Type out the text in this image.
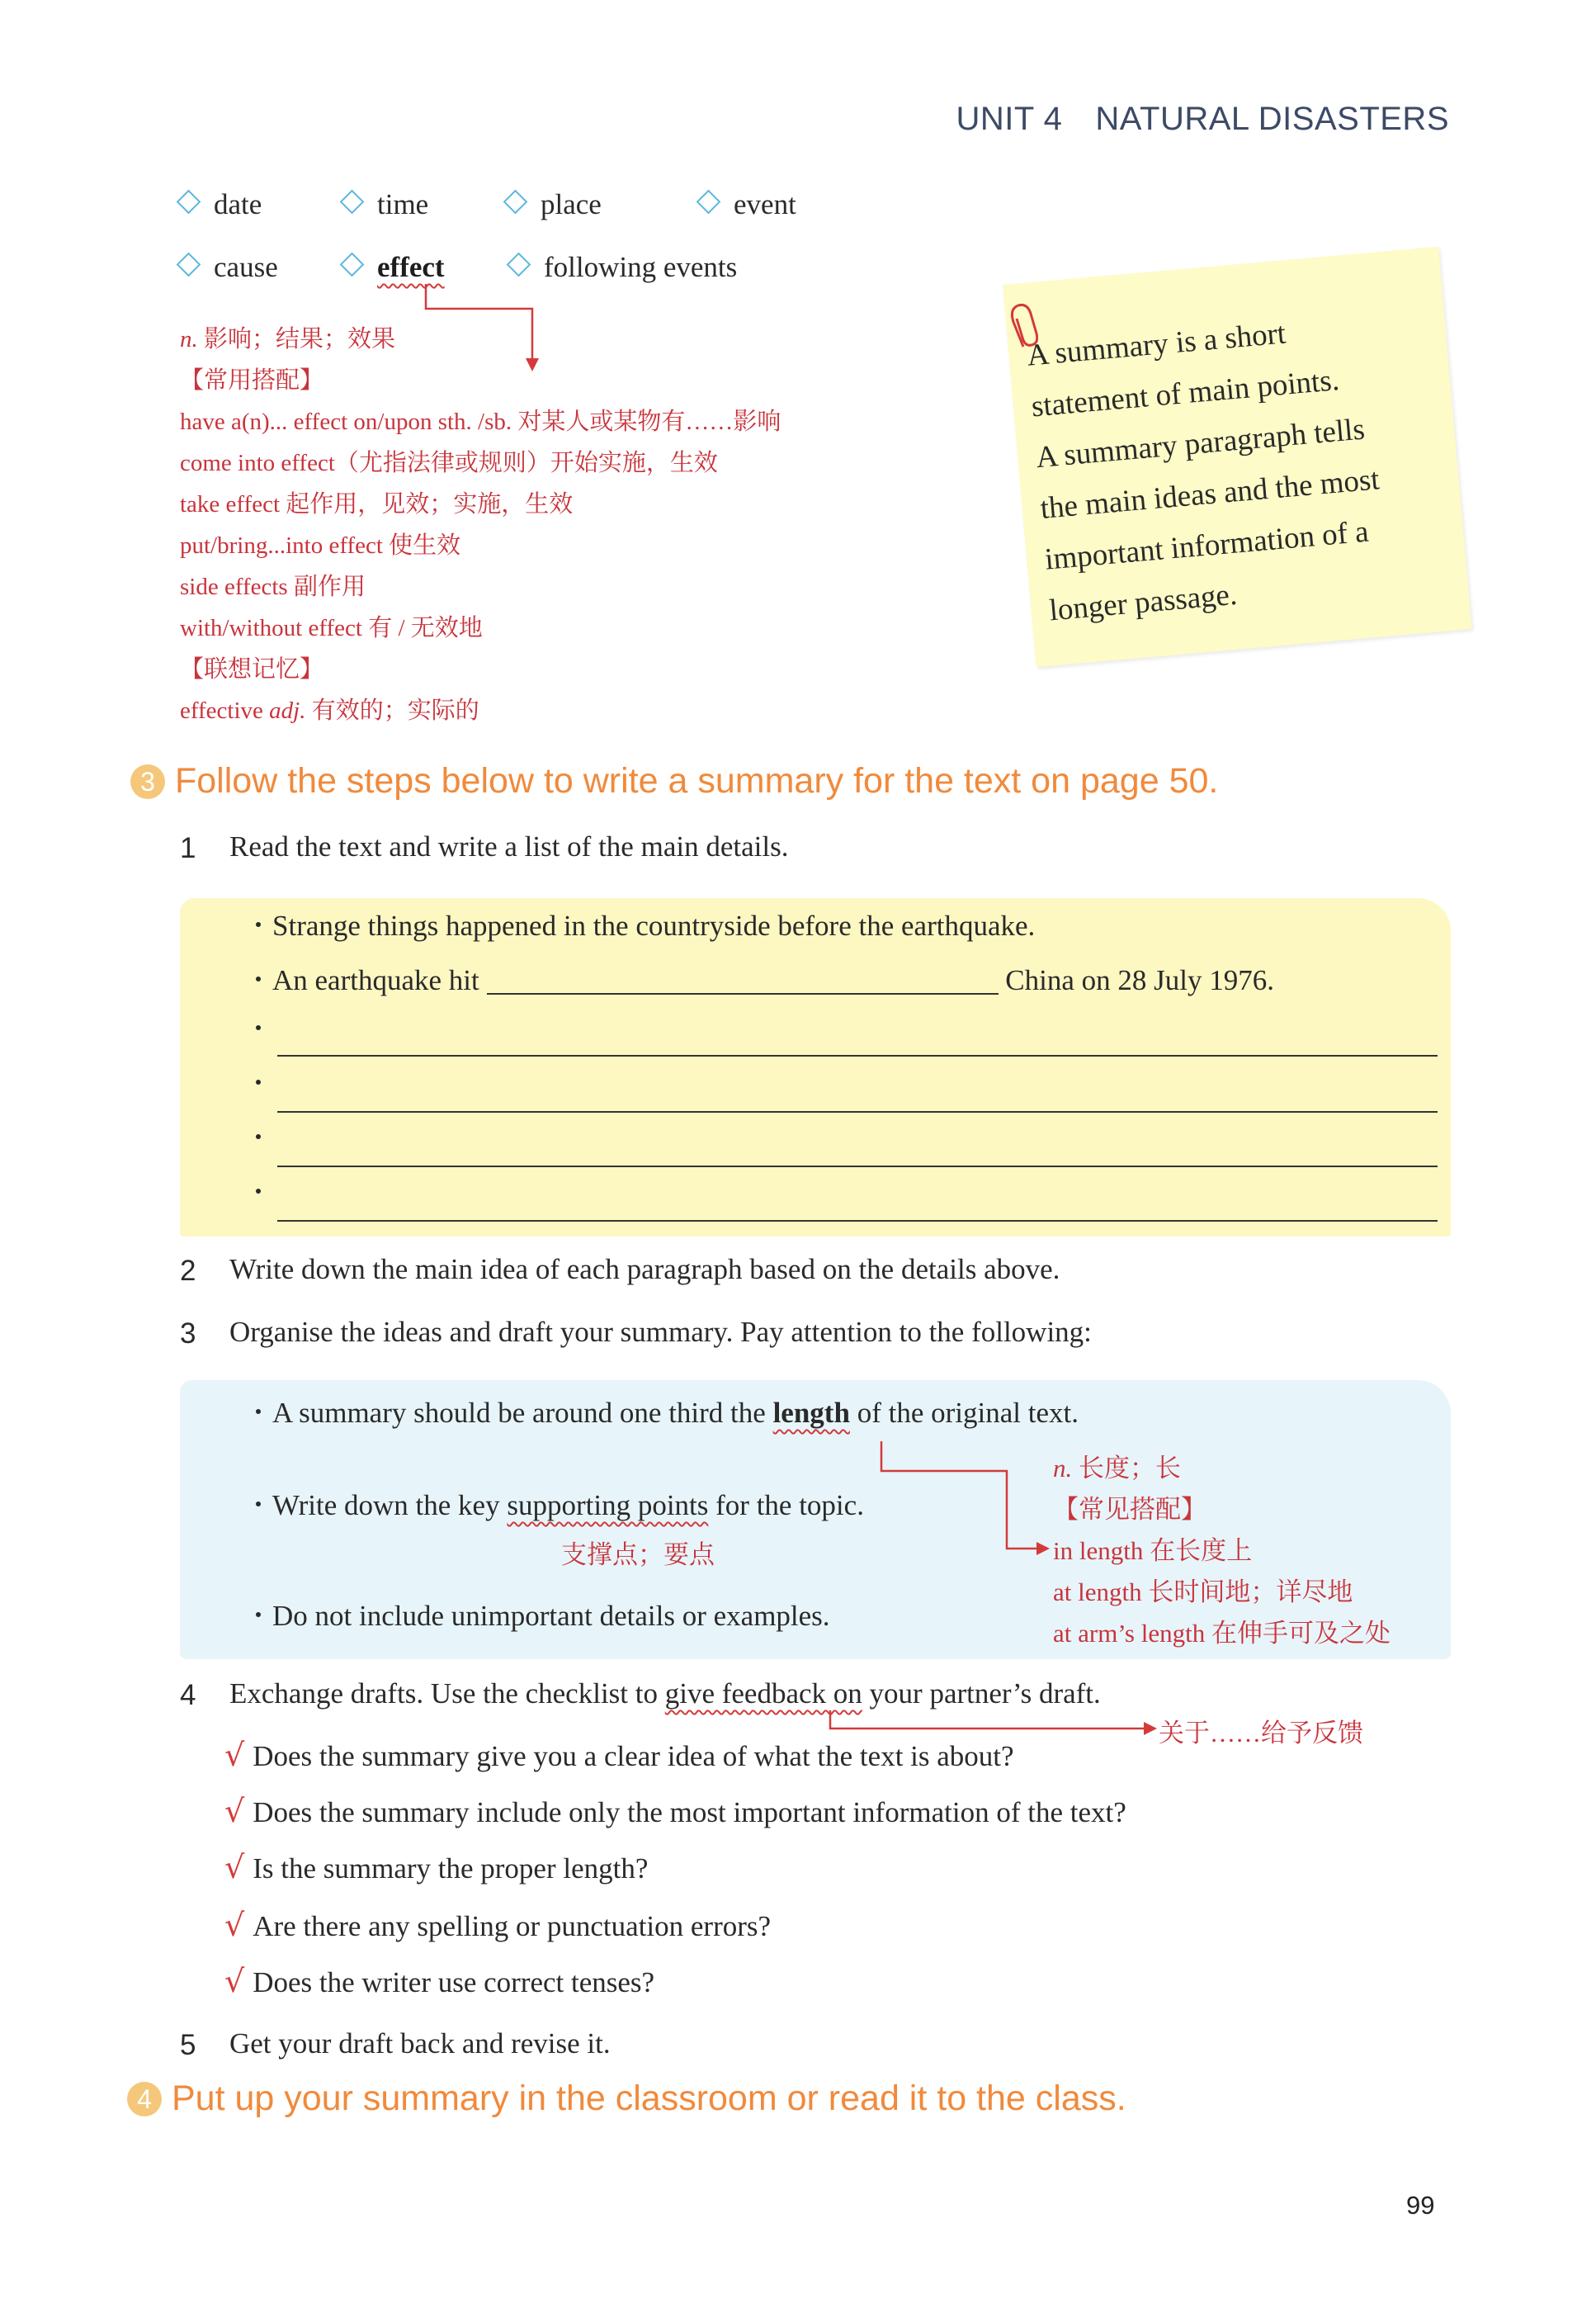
UNIT 4 NATURAL DISASTERS
date	time	place	event
cause	effect	following events
n. 影响；结果；效果
【常用搭配】
have a(n)... effect on/upon sth. /sb. 对某人或某物有……影响
come into effect（尤指法律或规则）开始实施，生效
take effect 起作用，见效；实施，生效
put/bring...into effect 使生效
side effects 副作用
with/without effect 有 / 无效地
【联想记忆】
effective adj. 有效的；实际的
A summary is a short
statement of main points.
A summary paragraph tells
the main ideas and the most
important information of a
longer passage.
3 Follow the steps below to write a summary for the text on page 50.
1 Read the text and write a list of the main details.
Strange things happened in the countryside before the earthquake.
An earthquake hit	China on 28 July 1976.
2 Write down the main idea of each paragraph based on the details above.
3 Organise the ideas and draft your summary. Pay attention to the following:
A summary should be around one third the length of the original text.
Write down the key supporting points for the topic.
支撑点；要点
Do not include unimportant details or examples.
n. 长度；长
【常见搭配】
in length 在长度上
at length 长时间地；详尽地
at arm’s length 在伸手可及之处
4 Exchange drafts. Use the checklist to give feedback on your partner’s draft.
关于……给予反馈
√ Does the summary give you a clear idea of what the text is about?
√ Does the summary include only the most important information of the text?
√ Is the summary the proper length?
√ Are there any spelling or punctuation errors?
√ Does the writer use correct tenses?
5 Get your draft back and revise it.
4 Put up your summary in the classroom or read it to the class.
99
